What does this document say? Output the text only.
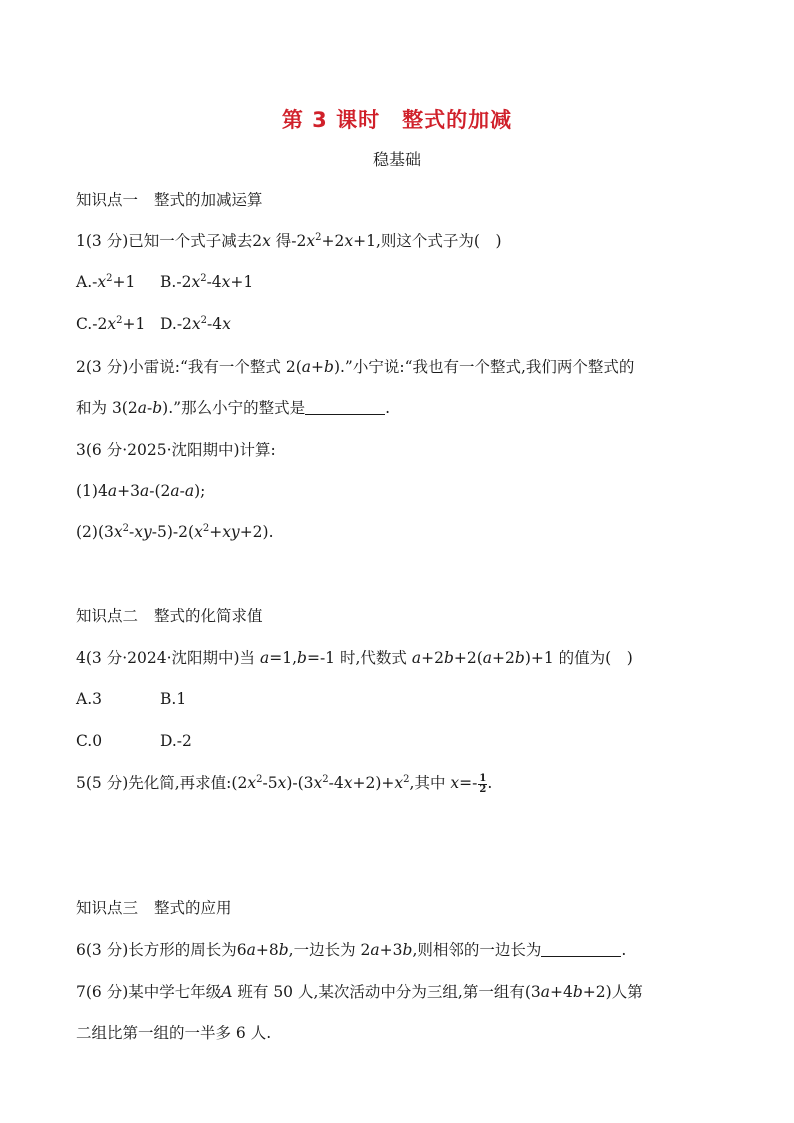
第 3 课时 整式的加减
稳基础
知识点一 整式的加减运算
1(3 分)已知一个式子减去2x 得$-2x^2+2x+1$,则这个式子为(　)
$A.-x^2+1$ $B.-2x^2-4x+1$
$C.-2x^2+1$ $D.-2x^2-4x$
2(3 分)小雷说:“我有一个整式 2(a+b).”小宁说:“我也有一个整式,我们两个整式的
和为 3(2a-b).”那么小宁的整式是	.
3(6 分·2025·沈阳期中)计算:
(1)4a+3a-(2a-a);
$(2)(3x^2-xy-5)-2(x^2+xy+2)$.
知识点二 整式的化简求值
4(3 分·2024·沈阳期中)当 a=1,b=-1 时,代数式 a+2b+2(a+2b)+1 的值为(　)
A.3	B.1
C.0	D.-2
5(5 分)先化简,再求值$:(2x^2-5x)-(3x^2-4x+2)+x^2$,其中 $x=- \frac{1}{2}$ .
知识点三 整式的应用
6(3 分)长方形的周长为6a+8b,一边长为 2a+3b,则相邻的一边长为	.
7(6 分)某中学七年级A 班有 50 人,某次活动中分为三组,第一组有(3a+4b+2)人第
二组比第一组的一半多 6 人.
